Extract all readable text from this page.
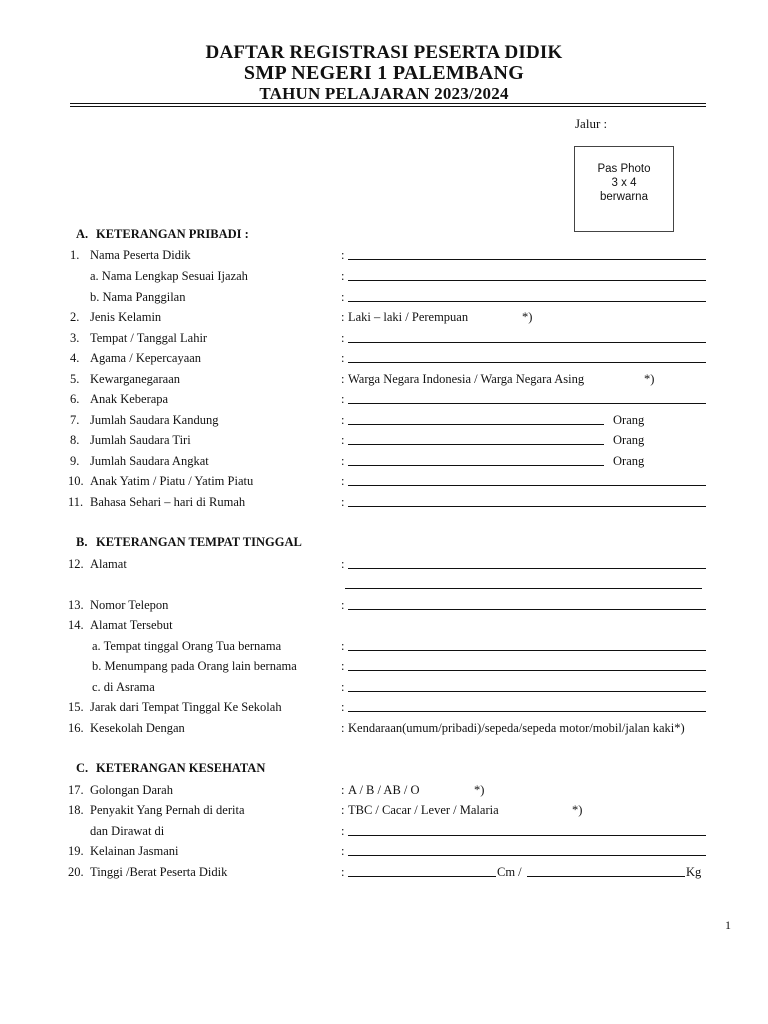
DAFTAR REGISTRASI PESERTA DIDIK
SMP NEGERI 1 PALEMBANG
TAHUN PELAJARAN 2023/2024
Jalur :
Pas Photo
3 x 4
berwarna
A. KETERANGAN PRIBADI :
1. Nama Peserta Didik	:
a. Nama Lengkap Sesuai Ijazah	:
b. Nama Panggilan	:
2. Jenis Kelamin	: Laki – laki / Perempuan	*)
3. Tempat / Tanggal Lahir	:
4. Agama / Kepercayaan	:
5. Kewarganegaraan	: Warga Negara Indonesia / Warga Negara Asing	*)
6. Anak Keberapa	:
7. Jumlah Saudara Kandung	:	Orang
8. Jumlah Saudara Tiri	:	Orang
9. Jumlah Saudara Angkat	:	Orang
10. Anak Yatim / Piatu / Yatim Piatu	:
11. Bahasa Sehari – hari di Rumah	:
B. KETERANGAN TEMPAT TINGGAL
12. Alamat	:
13. Nomor Telepon	:
14. Alamat Tersebut
a. Tempat tinggal Orang Tua bernama	:
b. Menumpang pada Orang lain bernama	:
c. di Asrama	:
15. Jarak dari Tempat Tinggal Ke Sekolah	:
16. Kesekolah Dengan	: Kendaraan(umum/pribadi)/sepeda/sepeda motor/mobil/jalan kaki*)
C. KETERANGAN KESEHATAN
17. Golongan Darah	: A / B / AB / O	*)
18. Penyakit Yang Pernah di derita	: TBC / Cacar / Lever / Malaria	*)
dan Dirawat di	:
19. Kelainan Jasmani	:
20. Tinggi /Berat Peserta Didik	:	Cm /	Kg
1
